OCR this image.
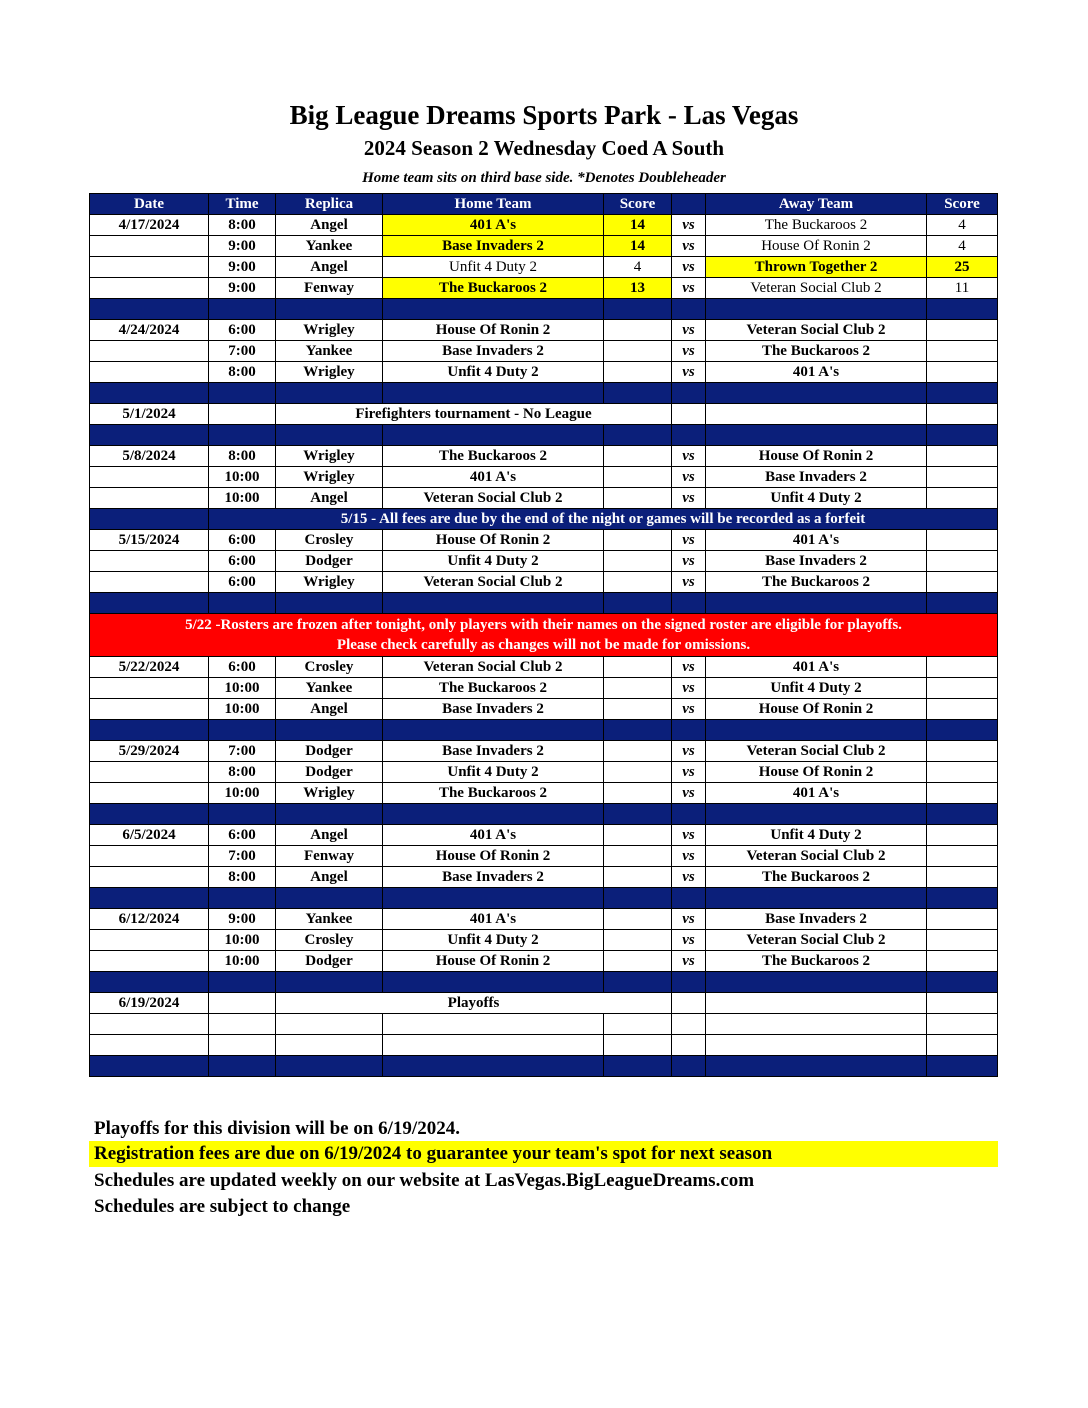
Big League Dreams Sports Park - Las Vegas
2024 Season 2 Wednesday Coed A South
Home team sits on third base side. *Denotes Doubleheader
Date	Time	Replica	Home Team	Score		Away Team	Score
4/17/2024	8:00	Angel	401 A's	14	vs	The Buckaroos 2	4
	9:00	Yankee	Base Invaders 2	14	vs	House Of Ronin 2	4
	9:00	Angel	Unfit 4 Duty 2	4	vs	Thrown Together 2	25
	9:00	Fenway	The Buckaroos 2	13	vs	Veteran Social Club 2	11

4/24/2024	6:00	Wrigley	House Of Ronin 2		vs	Veteran Social Club 2	
	7:00	Yankee	Base Invaders 2		vs	The Buckaroos 2	
	8:00	Wrigley	Unfit 4 Duty 2		vs	401 A's	

5/1/2024		Firefighters tournament - No League					

5/8/2024	8:00	Wrigley	The Buckaroos 2		vs	House Of Ronin 2	
	10:00	Wrigley	401 A's		vs	Base Invaders 2	
	10:00	Angel	Veteran Social Club 2		vs	Unfit 4 Duty 2	
	5/15 - All fees are due by the end of the night or games will be recorded as a forfeit						
5/15/2024	6:00	Crosley	House Of Ronin 2		vs	401 A's	
	6:00	Dodger	Unfit 4 Duty 2		vs	Base Invaders 2	
	6:00	Wrigley	Veteran Social Club 2		vs	The Buckaroos 2	

5/22 -Rosters are frozen after tonight, only players with their names on the signed roster are eligible for playoffs.
Please check carefully as changes will not be made for omissions.							

5/22/2024	6:00	Crosley	Veteran Social Club 2		vs	401 A's	
	10:00	Yankee	The Buckaroos 2		vs	Unfit 4 Duty 2	
	10:00	Angel	Base Invaders 2		vs	House Of Ronin 2	

5/29/2024	7:00	Dodger	Base Invaders 2		vs	Veteran Social Club 2	
	8:00	Dodger	Unfit 4 Duty 2		vs	House Of Ronin 2	
	10:00	Wrigley	The Buckaroos 2		vs	401 A's	

6/5/2024	6:00	Angel	401 A's		vs	Unfit 4 Duty 2	
	7:00	Fenway	House Of Ronin 2		vs	Veteran Social Club 2	
	8:00	Angel	Base Invaders 2		vs	The Buckaroos 2	

6/12/2024	9:00	Yankee	401 A's		vs	Base Invaders 2	
	10:00	Crosley	Unfit 4 Duty 2		vs	Veteran Social Club 2	
	10:00	Dodger	House Of Ronin 2		vs	The Buckaroos 2	

6/19/2024		Playoffs					

Playoffs for this division will be on 6/19/2024.
Registration fees are due on 6/19/2024 to guarantee your team's spot for next season
Schedules are updated weekly on our website at LasVegas.BigLeagueDreams.com
Schedules are subject to change
